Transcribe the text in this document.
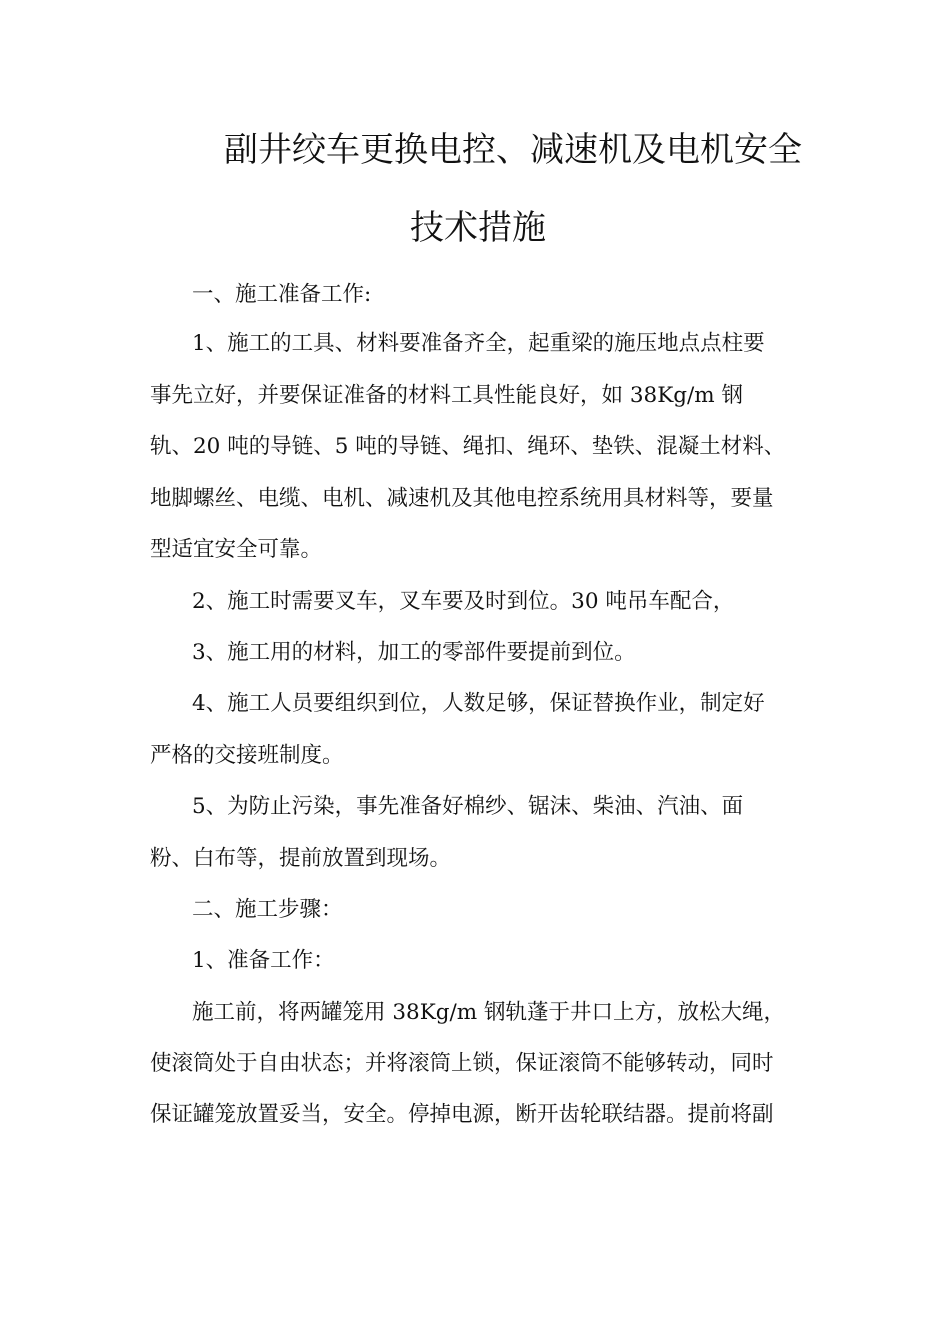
副井绞车更换电控、减速机及电机安全
技术措施
一、施工准备工作:
1、施工的工具、材料要准备齐全，起重梁的施压地点点柱要
事先立好，并要保证准备的材料工具性能良好，如 38Kg/m 钢
轨、20 吨的导链、5 吨的导链、绳扣、绳环、垫铁、混凝土材料、
地脚螺丝、电缆、电机、减速机及其他电控系统用具材料等，要量
型适宜安全可靠。
2、施工时需要叉车，叉车要及时到位。30 吨吊车配合，
3、施工用的材料，加工的零部件要提前到位。
4、施工人员要组织到位，人数足够，保证替换作业，制定好
严格的交接班制度。
5、为防止污染，事先准备好棉纱、锯沫、柴油、汽油、面
粉、白布等，提前放置到现场。
二、施工步骤：
1、准备工作：
施工前，将两罐笼用 38Kg/m 钢轨蓬于井口上方，放松大绳，
使滚筒处于自由状态；并将滚筒上锁，保证滚筒不能够转动，同时
保证罐笼放置妥当，安全。停掉电源，断开齿轮联结器。提前将副
